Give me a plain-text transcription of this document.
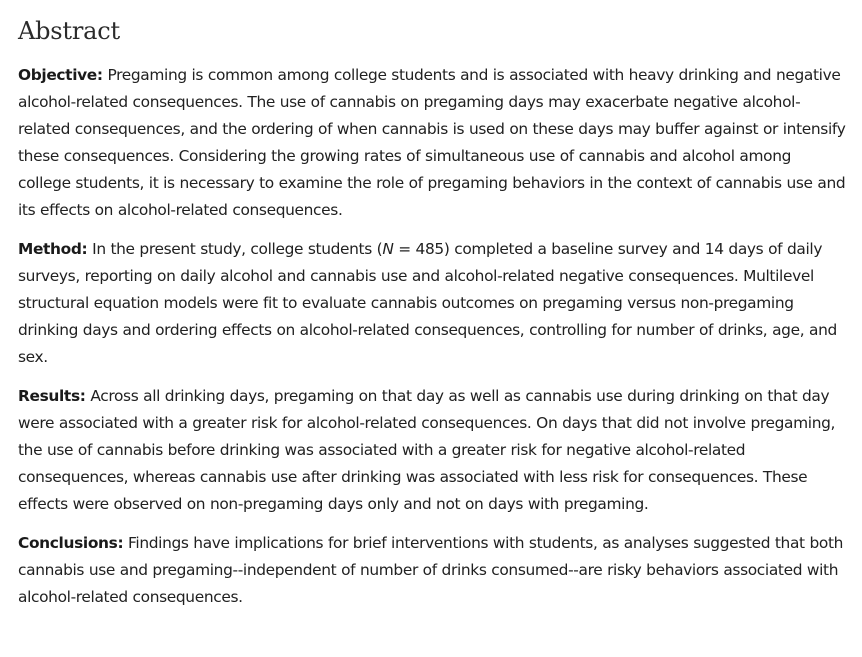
Abstract

Objective: Pregaming is common among college students and is associated with heavy drinking and negative alcohol-related consequences. The use of cannabis on pregaming days may exacerbate negative alcohol-related consequences, and the ordering of when cannabis is used on these days may buffer against or intensify these consequences. Considering the growing rates of simultaneous use of cannabis and alcohol among college students, it is necessary to examine the role of pregaming behaviors in the context of cannabis use and its effects on alcohol-related consequences.

Method: In the present study, college students (N = 485) completed a baseline survey and 14 days of daily surveys, reporting on daily alcohol and cannabis use and alcohol-related negative consequences. Multilevel structural equation models were fit to evaluate cannabis outcomes on pregaming versus non-pregaming drinking days and ordering effects on alcohol-related consequences, controlling for number of drinks, age, and sex.

Results: Across all drinking days, pregaming on that day as well as cannabis use during drinking on that day were associated with a greater risk for alcohol-related consequences. On days that did not involve pregaming, the use of cannabis before drinking was associated with a greater risk for negative alcohol-related consequences, whereas cannabis use after drinking was associated with less risk for consequences. These effects were observed on non-pregaming days only and not on days with pregaming.

Conclusions: Findings have implications for brief interventions with students, as analyses suggested that both cannabis use and pregaming--independent of number of drinks consumed--are risky behaviors associated with alcohol-related consequences.
